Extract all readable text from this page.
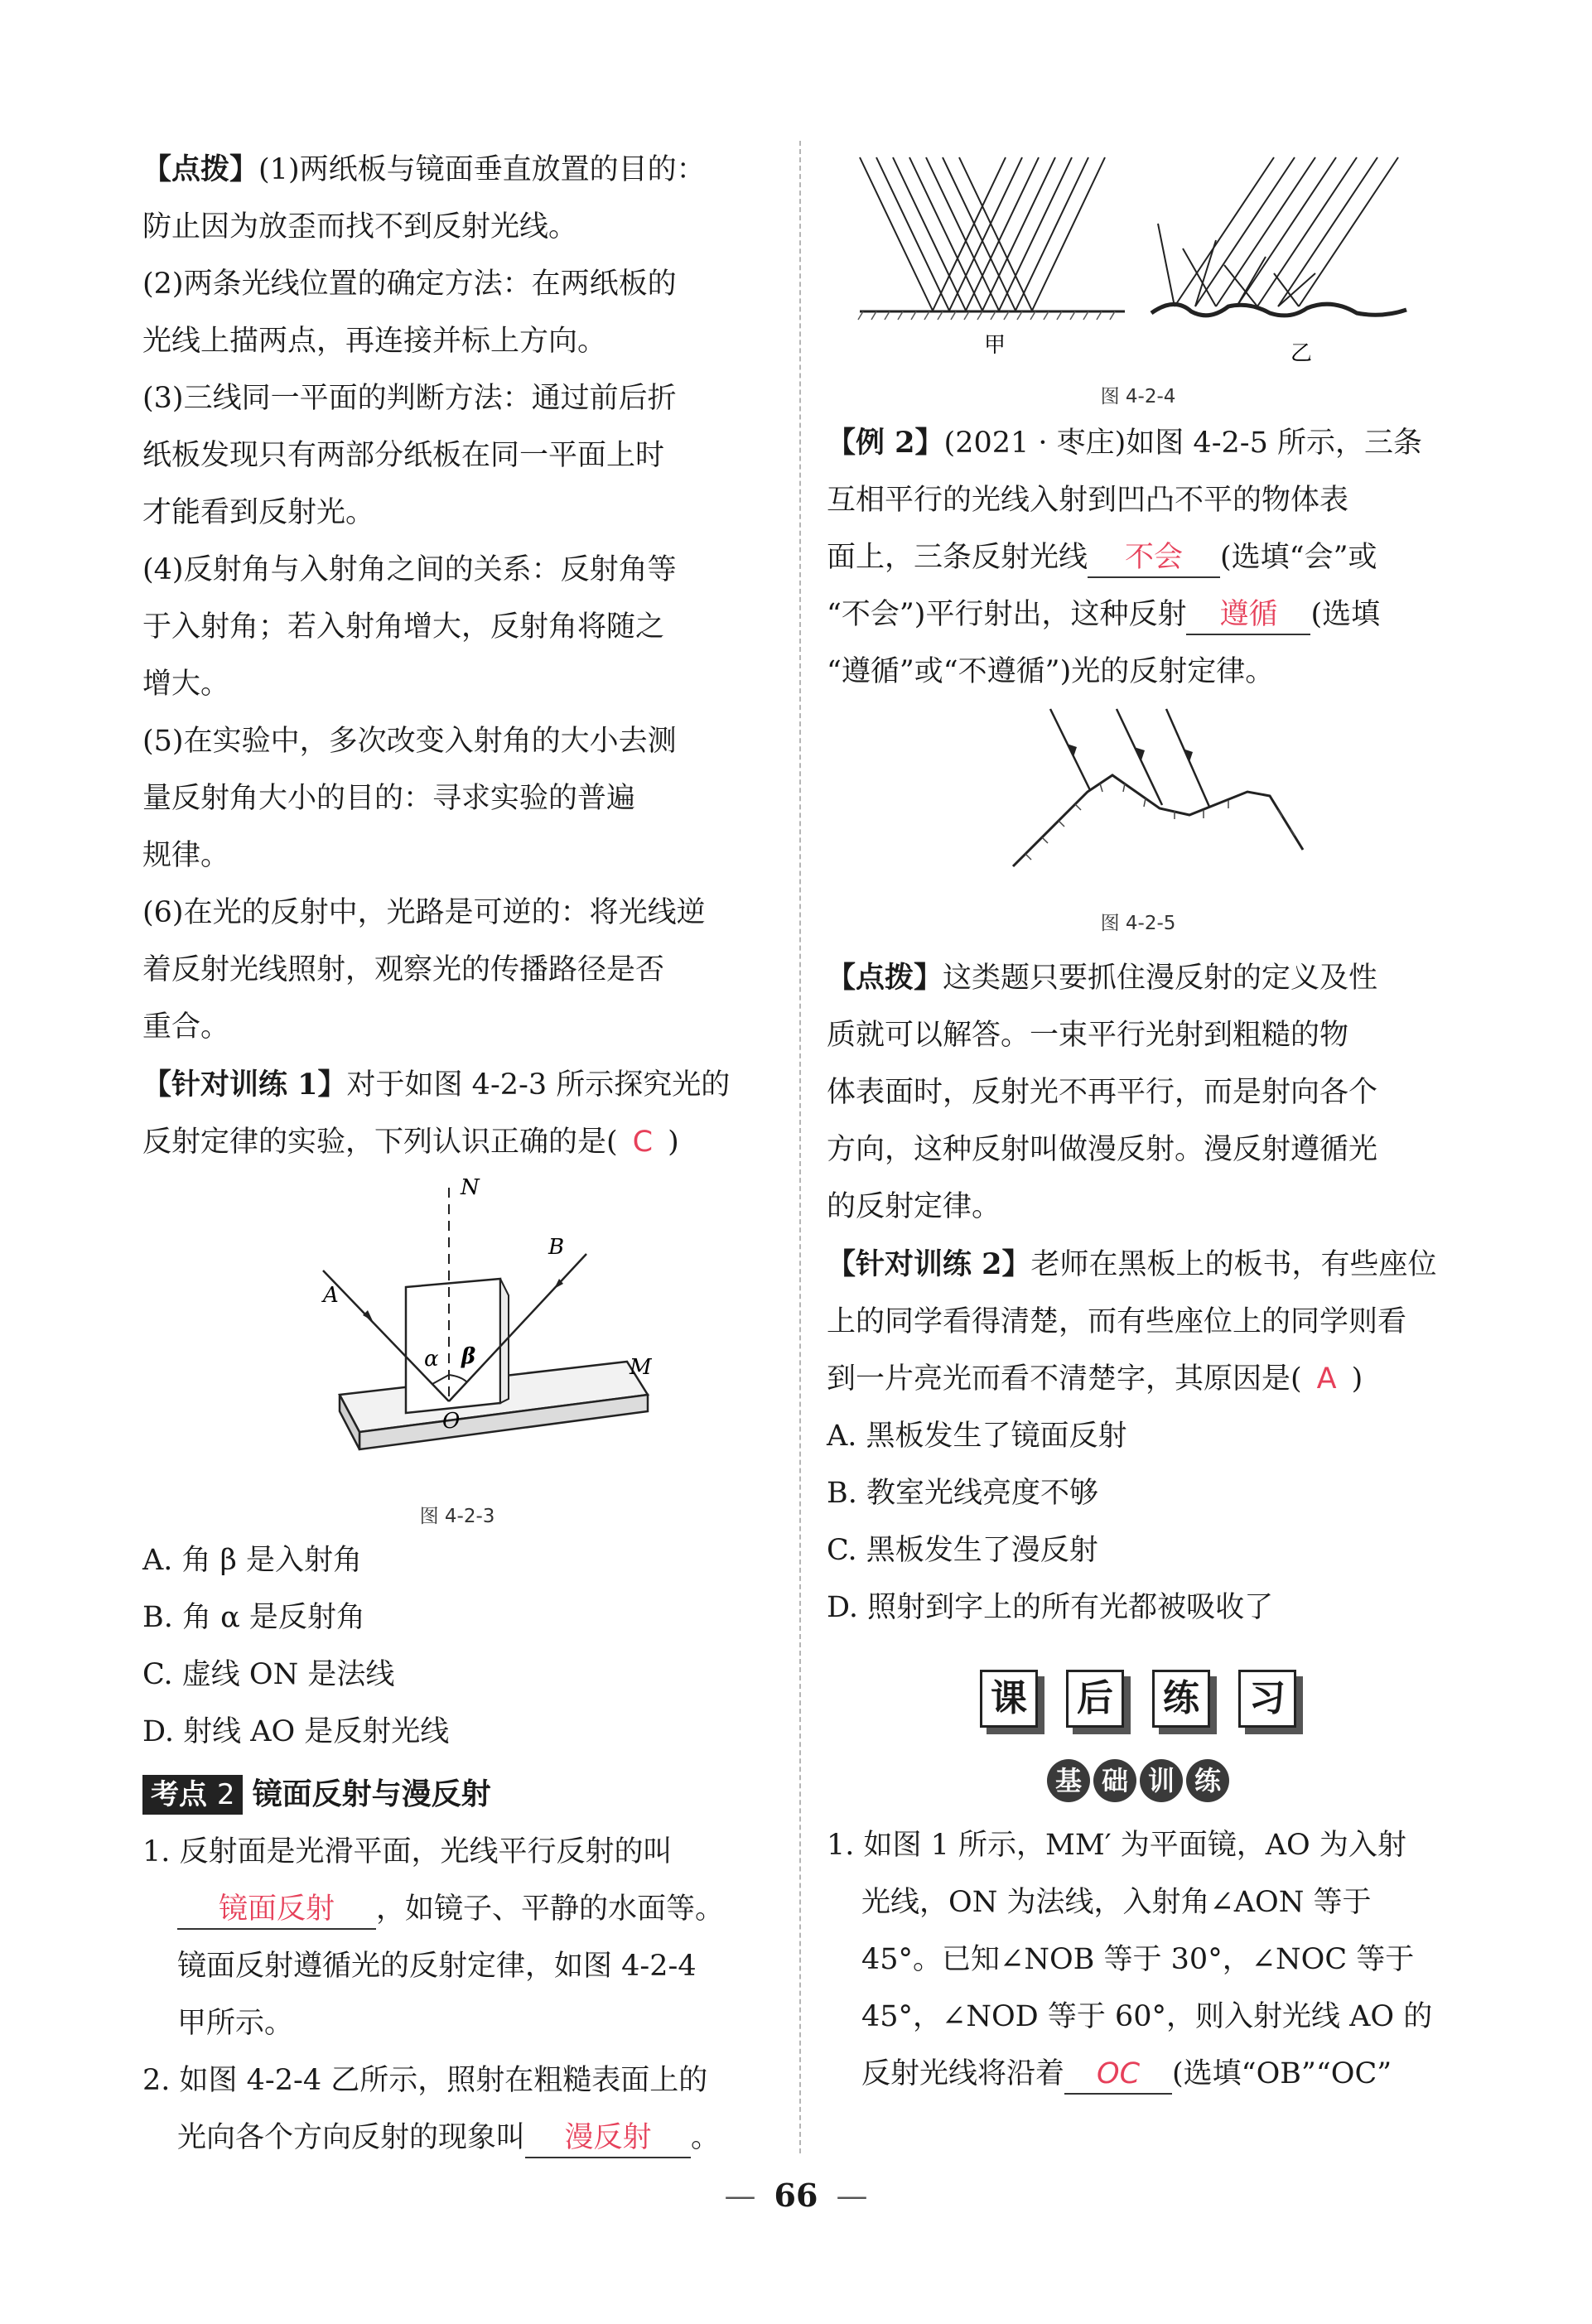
【点拨】(1)两纸板与镜面垂直放置的目的：

防止因为放歪而找不到反射光线。

(2)两条光线位置的确定方法：在两纸板的

光线上描两点，再连接并标上方向。

(3)三线同一平面的判断方法：通过前后折

纸板发现只有两部分纸板在同一平面上时

才能看到反射光。

(4)反射角与入射角之间的关系：反射角等

于入射角；若入射角增大，反射角将随之

增大。

(5)在实验中，多次改变入射角的大小去测

量反射角大小的目的：寻求实验的普遍

规律。

(6)在光的反射中，光路是可逆的：将光线逆

着反射光线照射，观察光的传播路径是否

重合。

【针对训练 1】对于如图 4-2-3 所示探究光的

反射定律的实验，下列认识正确的是( C )

N
A
B
M
O
α β
图 4-2-3

A. 角 β 是入射角

B. 角 α 是反射角

C. 虚线 ON 是法线

D. 射线 AO 是反射光线

考点 2 镜面反射与漫反射

1. 反射面是光滑平面，光线平行反射的叫

镜面反射 ，如镜子、平静的水面等。

镜面反射遵循光的反射定律，如图 4-2-4

甲所示。

2. 如图 4-2-4 乙所示，照射在粗糙表面上的

光向各个方向反射的现象叫 漫反射 。

甲	乙
图 4-2-4

【例 2】(2021 · 枣庄)如图 4-2-5 所示，三条

互相平行的光线入射到凹凸不平的物体表

面上，三条反射光线 不会 (选填“会”或

“不会”)平行射出，这种反射 遵循 (选填

“遵循”或“不遵循”)光的反射定律。

图 4-2-5

【点拨】这类题只要抓住漫反射的定义及性

质就可以解答。一束平行光射到粗糙的物

体表面时，反射光不再平行，而是射向各个

方向，这种反射叫做漫反射。漫反射遵循光

的反射定律。

【针对训练 2】老师在黑板上的板书，有些座位

上的同学看得清楚，而有些座位上的同学则看

到一片亮光而看不清楚字，其原因是( A )

A. 黑板发生了镜面反射

B. 教室光线亮度不够

C. 黑板发生了漫反射

D. 照射到字上的所有光都被吸收了

课 后 练 习
基 础 训 练

1. 如图 1 所示，MM′ 为平面镜，AO 为入射

光线，ON 为法线，入射角∠AON 等于

45°。已知∠NOB 等于 30°，∠NOC 等于

45°，∠NOD 等于 60°，则入射光线 AO 的

反射光线将沿着 OC (选填“OB”“OC”

— 66 —
